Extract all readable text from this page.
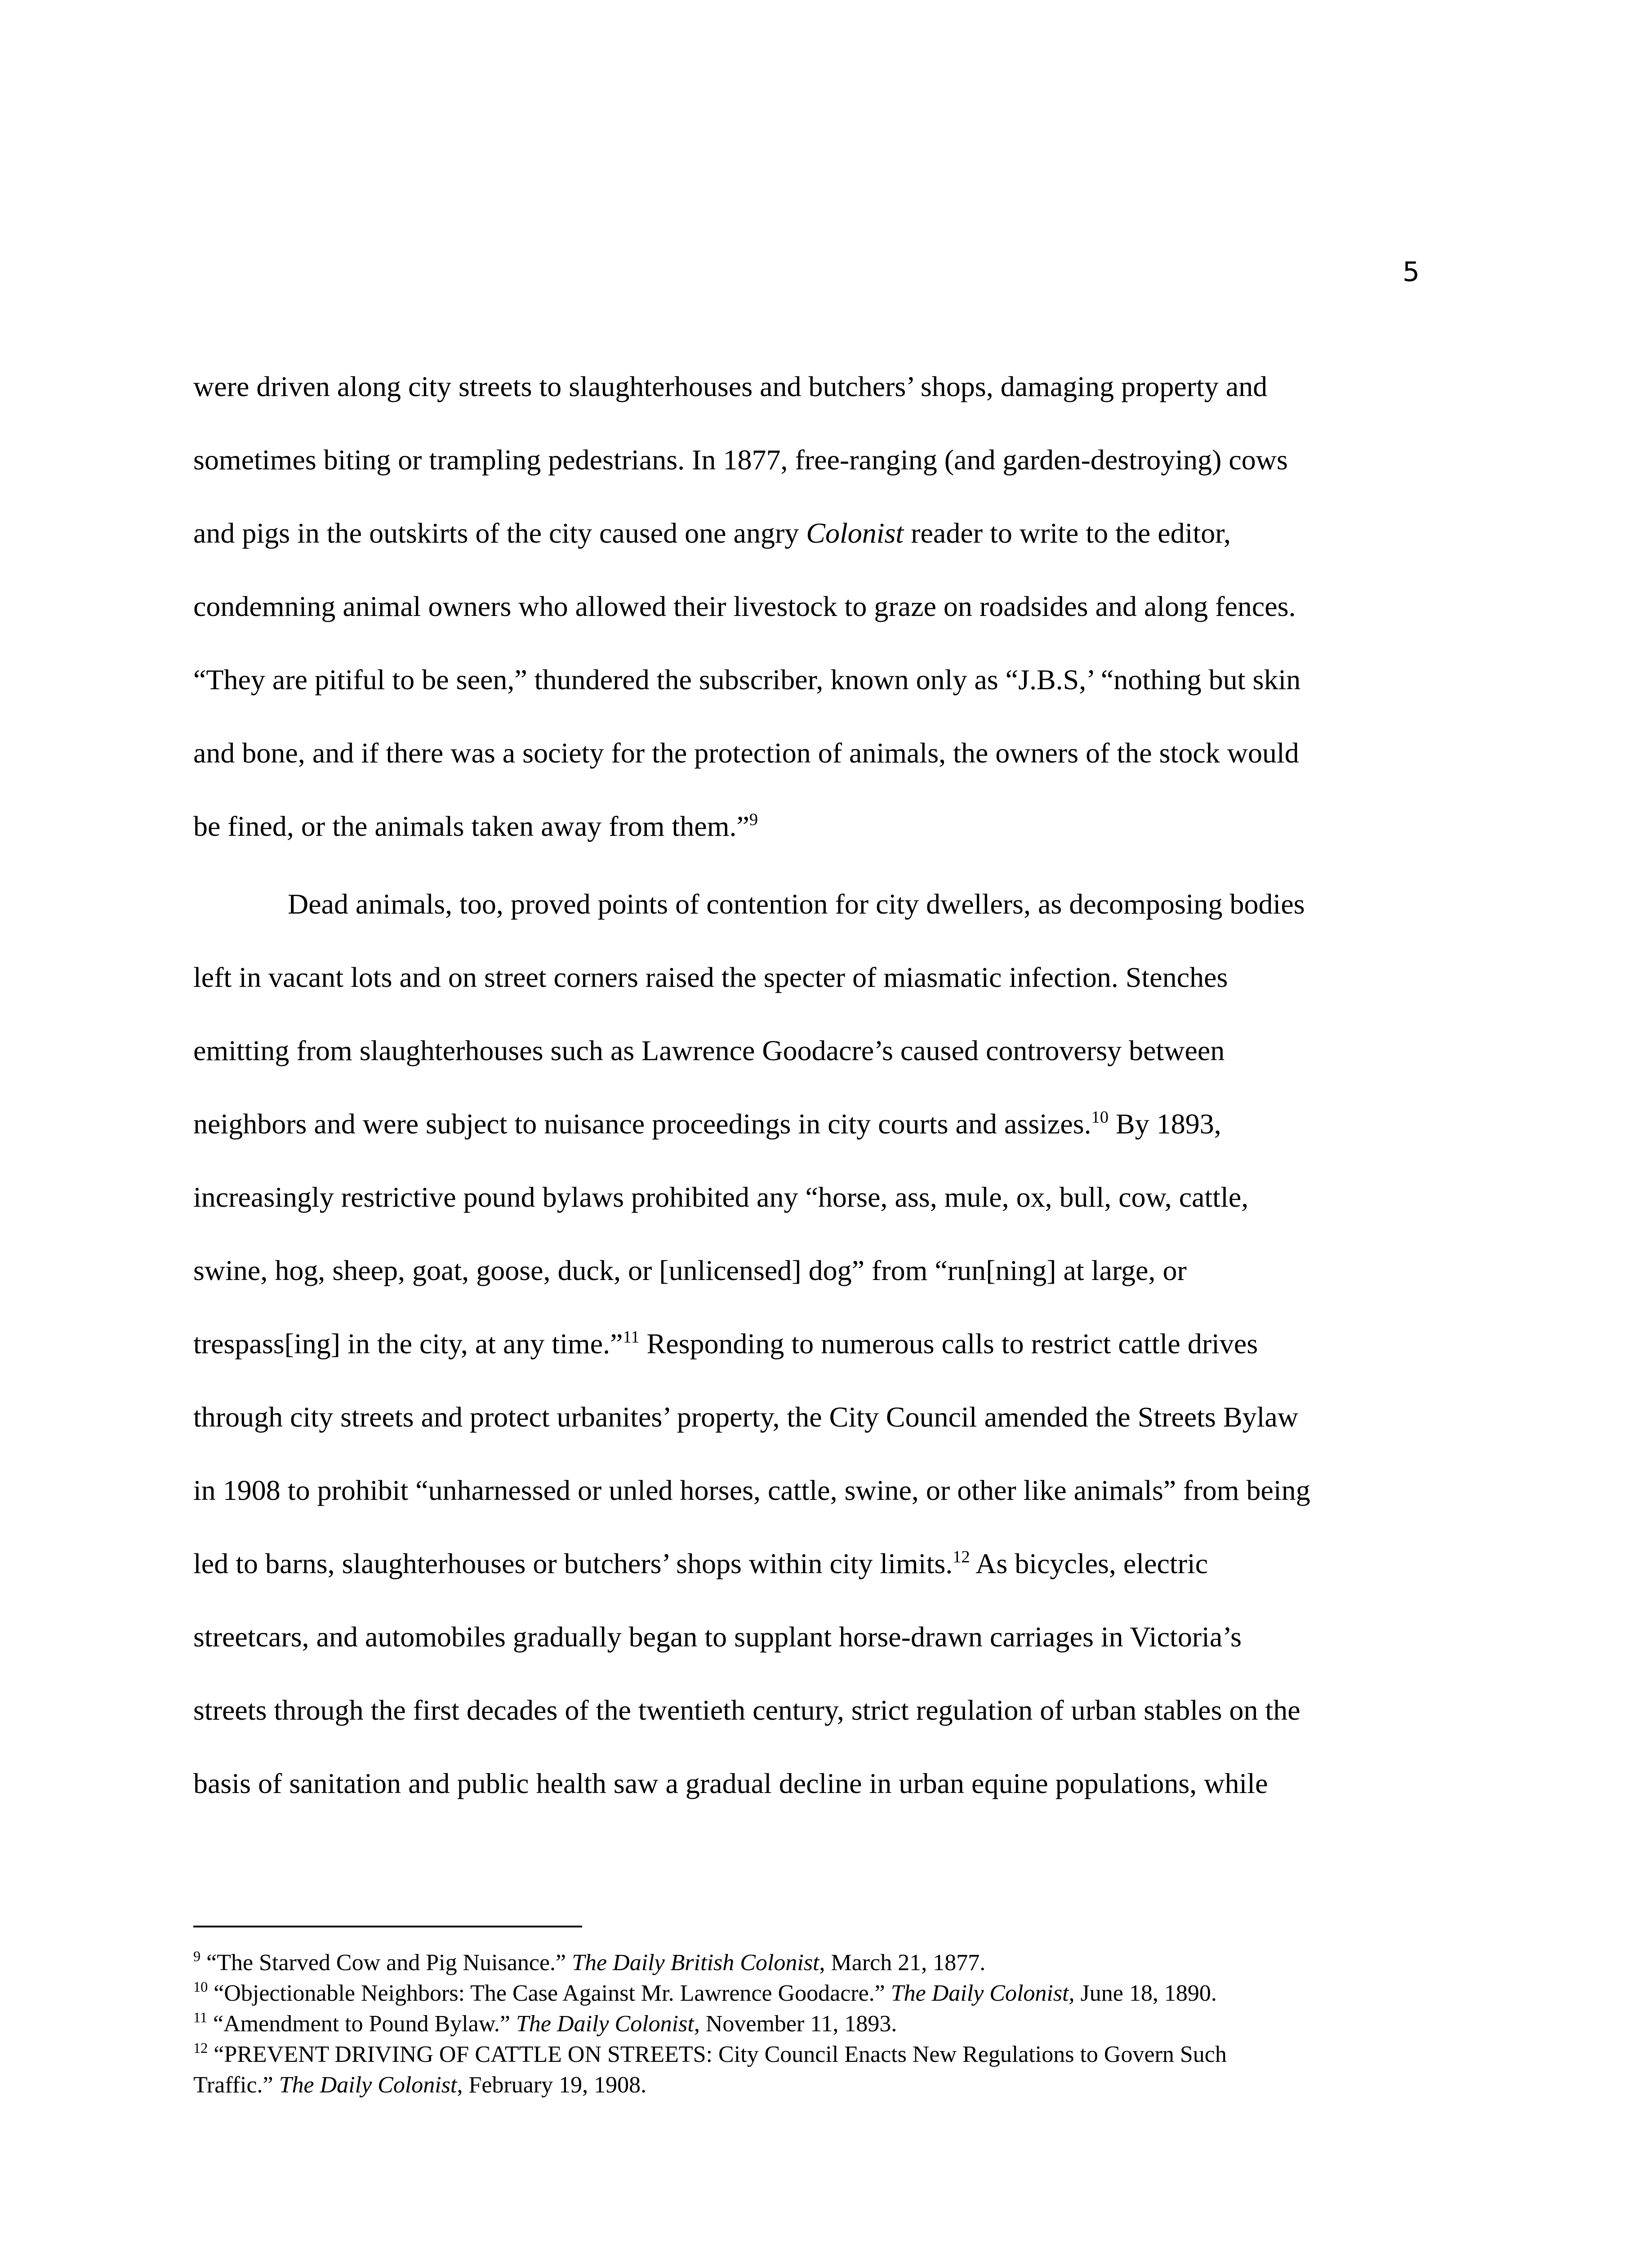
5
were driven along city streets to slaughterhouses and butchers’ shops, damaging property and
sometimes biting or trampling pedestrians. In 1877, free-ranging (and garden-destroying) cows
and pigs in the outskirts of the city caused one angry Colonist reader to write to the editor,
condemning animal owners who allowed their livestock to graze on roadsides and along fences.
“They are pitiful to be seen,” thundered the subscriber, known only as “J.B.S,’ “nothing but skin
and bone, and if there was a society for the protection of animals, the owners of the stock would
be fined, or the animals taken away from them.”$^9$
Dead animals, too, proved points of contention for city dwellers, as decomposing bodies
left in vacant lots and on street corners raised the specter of miasmatic infection. Stenches
emitting from slaughterhouses such as Lawrence Goodacre’s caused controversy between
neighbors and were subject to nuisance proceedings in city courts and assizes.$^{10}$ By 1893,
increasingly restrictive pound bylaws prohibited any “horse, ass, mule, ox, bull, cow, cattle,
swine, hog, sheep, goat, goose, duck, or [unlicensed] dog” from “run[ning] at large, or
trespass[ing] in the city, at any time.”$^{11}$ Responding to numerous calls to restrict cattle drives
through city streets and protect urbanites’ property, the City Council amended the Streets Bylaw
in 1908 to prohibit “unharnessed or unled horses, cattle, swine, or other like animals” from being
led to barns, slaughterhouses or butchers’ shops within city limits.$^{12}$ As bicycles, electric
streetcars, and automobiles gradually began to supplant horse-drawn carriages in Victoria’s
streets through the first decades of the twentieth century, strict regulation of urban stables on the
basis of sanitation and public health saw a gradual decline in urban equine populations, while
$^9$ “The Starved Cow and Pig Nuisance.” The Daily British Colonist, March 21, 1877.
$^{10}$ “Objectionable Neighbors: The Case Against Mr. Lawrence Goodacre.” The Daily Colonist, June 18, 1890.
$^{11}$ “Amendment to Pound Bylaw.” The Daily Colonist, November 11, 1893.
$^{12}$ “PREVENT DRIVING OF CATTLE ON STREETS: City Council Enacts New Regulations to Govern Such
Traffic.” The Daily Colonist, February 19, 1908.
